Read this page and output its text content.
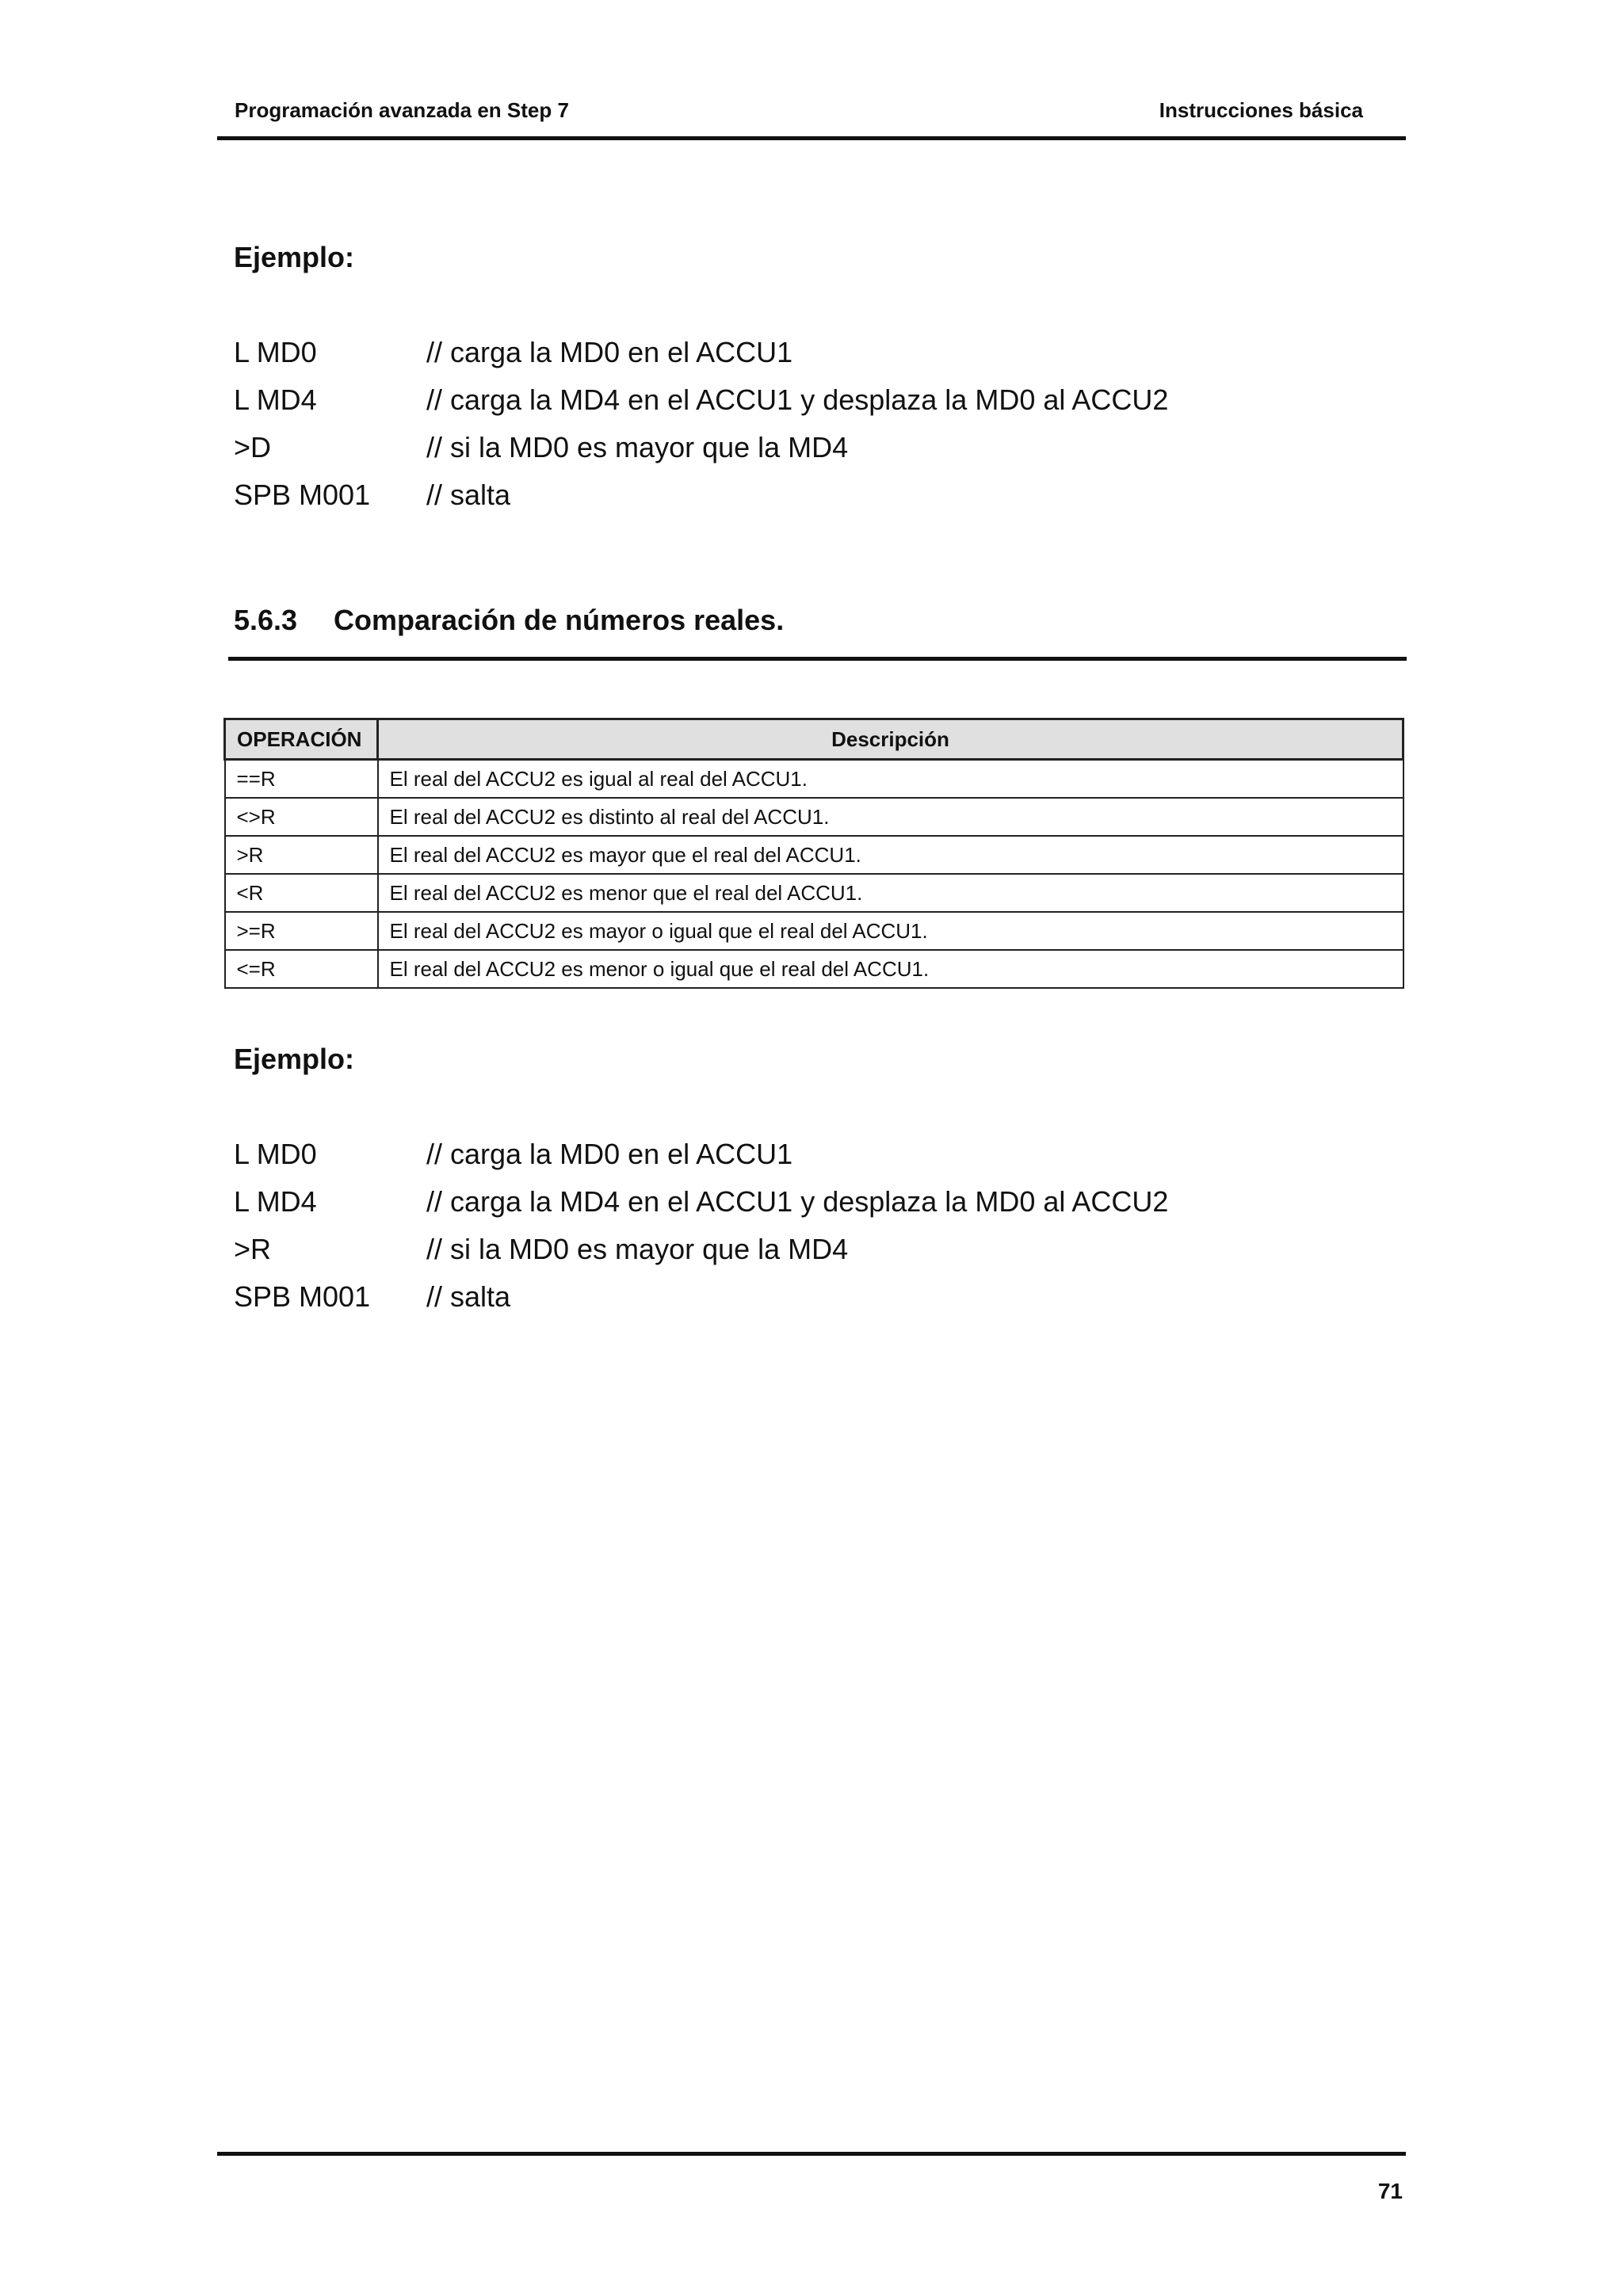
Programación avanzada en Step 7	Instrucciones básica
Ejemplo:
L MD0	// carga la MD0 en el ACCU1
L MD4	// carga la MD4 en el ACCU1 y desplaza la MD0 al ACCU2
>D	// si la MD0 es mayor que la MD4
SPB M001 // salta
5.6.3 Comparación de números reales.
OPERACIÓN	Descripción
==R	El real del ACCU2 es igual al real del ACCU1.
<>R	El real del ACCU2 es distinto al real del ACCU1.
>R	El real del ACCU2 es mayor que el real del ACCU1.
<R	El real del ACCU2 es menor que el real del ACCU1.
>=R	El real del ACCU2 es mayor o igual que el real del ACCU1.
<=R	El real del ACCU2 es menor o igual que el real del ACCU1.
Ejemplo:
L MD0	// carga la MD0 en el ACCU1
L MD4	// carga la MD4 en el ACCU1 y desplaza la MD0 al ACCU2
>R	// si la MD0 es mayor que la MD4
SPB M001 // salta
71
